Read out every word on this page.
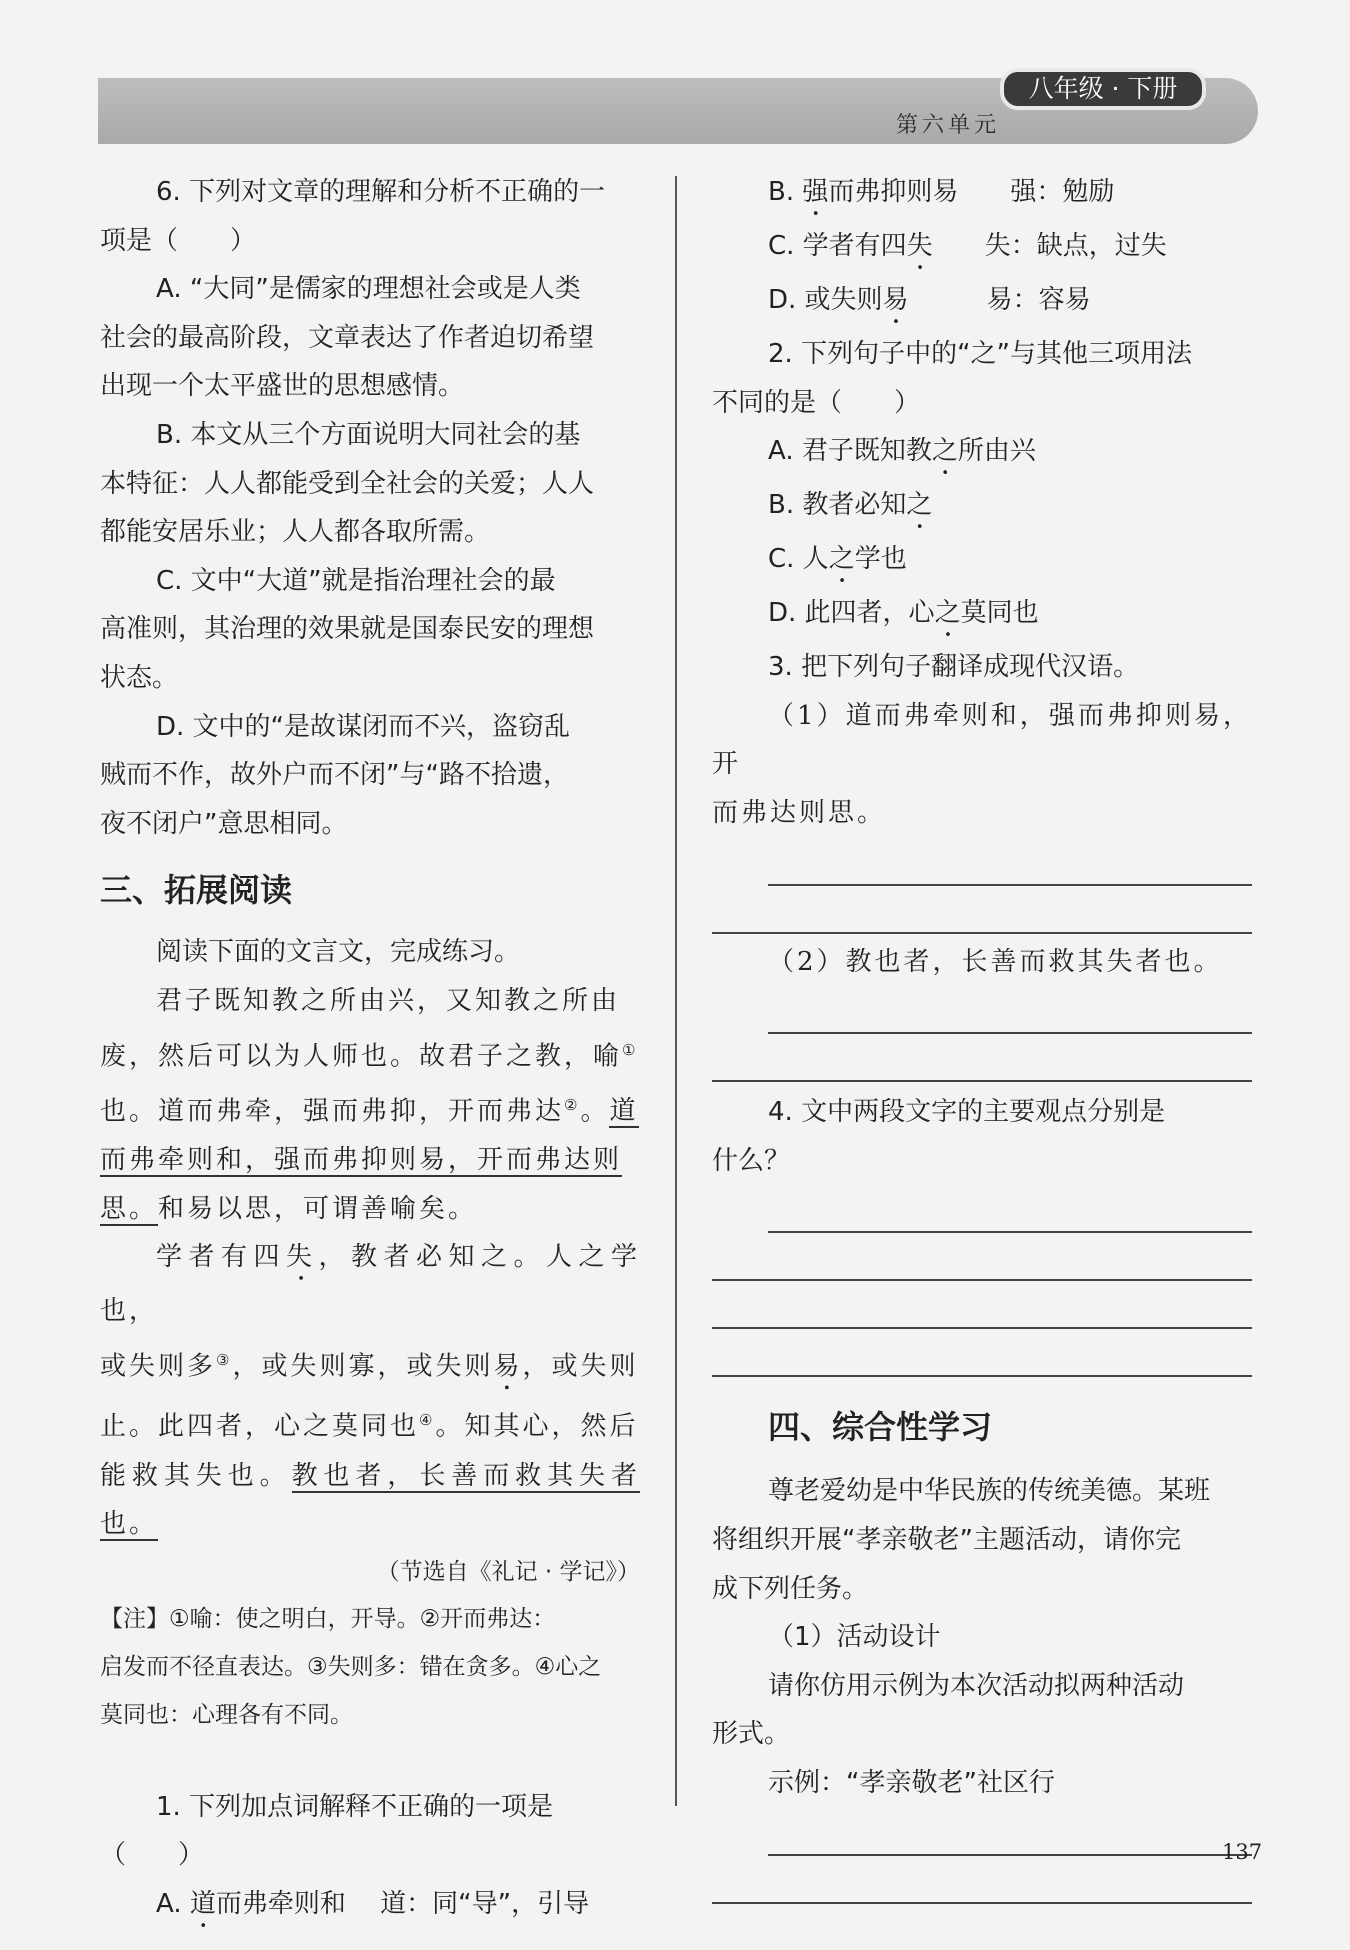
八年级 · 下册
第六单元

6. 下列对文章的理解和分析不正确的一

项是（　　）

A. “大同”是儒家的理想社会或是人类

社会的最高阶段，文章表达了作者迫切希望

出现一个太平盛世的思想感情。

B. 本文从三个方面说明大同社会的基

本特征：人人都能受到全社会的关爱；人人

都能安居乐业；人人都各取所需。

C. 文中“大道”就是指治理社会的最

高准则，其治理的效果就是国泰民安的理想

状态。

D. 文中的“是故谋闭而不兴，盗窃乱

贼而不作，故外户而不闭”与“路不拾遗，

夜不闭户”意思相同。

三、拓展阅读

阅读下面的文言文，完成练习。

君子既知教之所由兴，又知教之所由

废，然后可以为人师也。故君子之教，喻①

也。道而弗牵，强而弗抑，开而弗达②。道

而弗牵则和，强而弗抑则易，开而弗达则

思。和易以思，可谓善喻矣。

学者有四失，教者必知之。人之学也，

或失则多③，或失则寡，或失则易，或失则

止。此四者，心之莫同也④。知其心，然后

能救其失也。教也者，长善而救其失者也。

（节选自《礼记 · 学记》）

【注】①喻：使之明白，开导。②开而弗达：

启发而不径直表达。③失则多：错在贪多。④心之

莫同也：心理各有不同。

1. 下列加点词解释不正确的一项是

（　　）

A. 道而弗牵则和　 道：同“导”，引导

B. 强而弗抑则易　　强：勉励

C. 学者有四失　　失：缺点，过失

D. 或失则易　　　易：容易

2. 下列句子中的“之”与其他三项用法

不同的是（　　）

A. 君子既知教之所由兴

B. 教者必知之

C. 人之学也

D. 此四者，心之莫同也

3. 把下列句子翻译成现代汉语。

（1）道而弗牵则和，强而弗抑则易，开

而弗达则思。

（2）教也者，长善而救其失者也。

4. 文中两段文字的主要观点分别是

什么？

四、综合性学习

尊老爱幼是中华民族的传统美德。某班

将组织开展“孝亲敬老”主题活动，请你完

成下列任务。

（1）活动设计

请你仿用示例为本次活动拟两种活动

形式。

示例：“孝亲敬老”社区行

137
